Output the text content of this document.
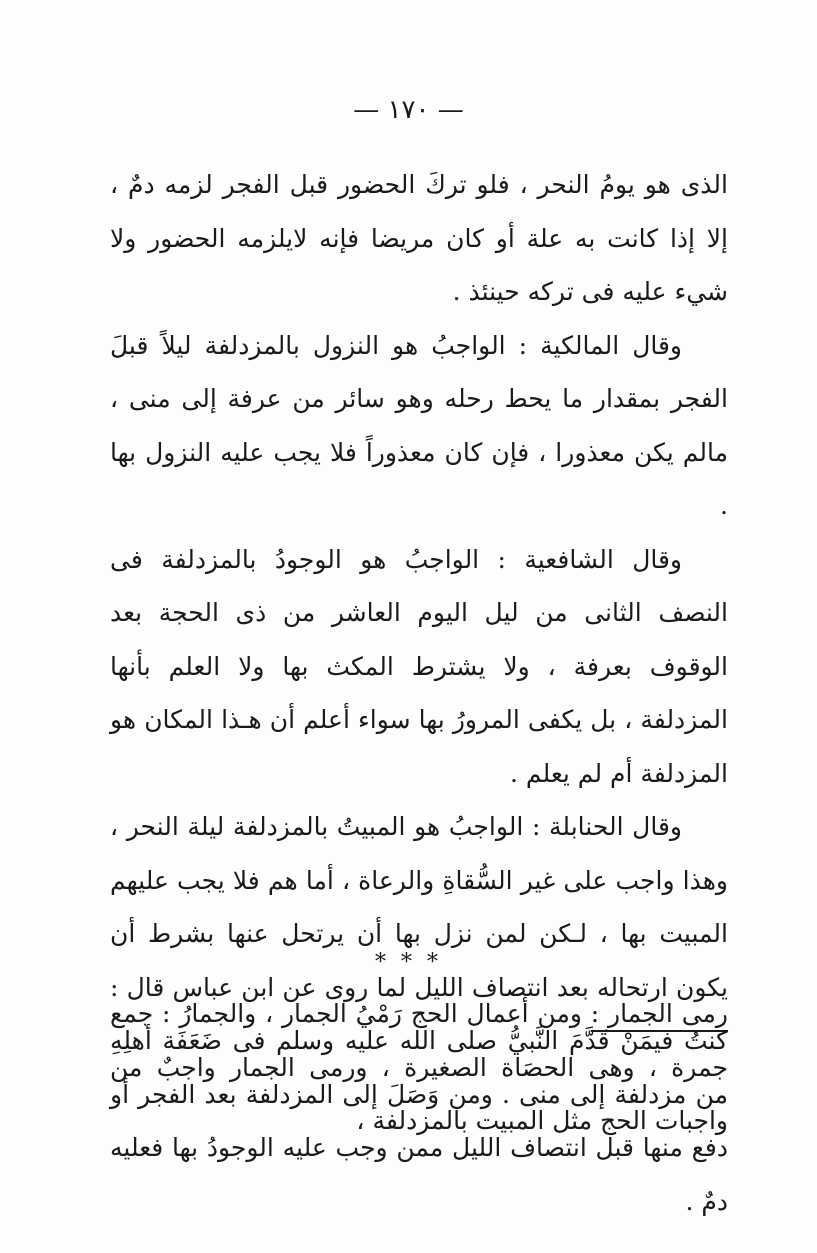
— ١٧٠ —

الذى هو يومُ النحر ، فلو تركَ الحضور قبل الفجر لزمه دمٌ ، إلا إذا كانت به علة أو كان مريضا فإنه لايلزمه الحضور ولا شيء عليه فى تركه حينئذ .

وقال المالكية : الواجبُ هو النزول بالمزدلفة ليلاً قبلَ الفجر بمقدار ما يحط رحله وهو سائر من عرفة إلى منى ، مالم يكن معذورا ، فإن كان معذوراً فلا يجب عليه النزول بها .

وقال الشافعية : الواجبُ هو الوجودُ بالمزدلفة فى النصف الثانى من ليل اليوم العاشر من ذى الحجة بعد الوقوف بعرفة ، ولا يشترط المكث بها ولا العلم بأنها المزدلفة ، بل يكفى المرورُ بها سواء أعلم أن هـذا المكان هو المزدلفة أم لم يعلم .

وقال الحنابلة : الواجبُ هو المبيتُ بالمزدلفة ليلة النحر ، وهذا واجب على غير السُّقاةِ والرعاة ، أما هم فلا يجب عليهم المبيت بها ، لـكن لمن نزل بها أن يرتحل عنها بشرط أن يكون ارتحاله بعد انتصاف الليل لما روى عن ابن عباس قال : كنتُ فيمَنْ قَدَّمَ النَّبيُّ صلى الله عليه وسلم فى ضَعَفَة أهلِهِ من مزدلفة إلى منى . ومن وَصَلَ إلى المزدلفة بعد الفجر أو دفع منها قبل انتصاف الليل ممن وجب عليه الوجودُ بها فعليه دمٌ .

* * *

رمى الجمار : ومن أعمال الحج رَمْيُ الجمار ، والجمارُ : جمع جمرة ، وهى الحصَاة الصغيرة ، ورمى الجمار واجبٌ من واجبات الحج مثل المبيت بالمزدلفة ،
